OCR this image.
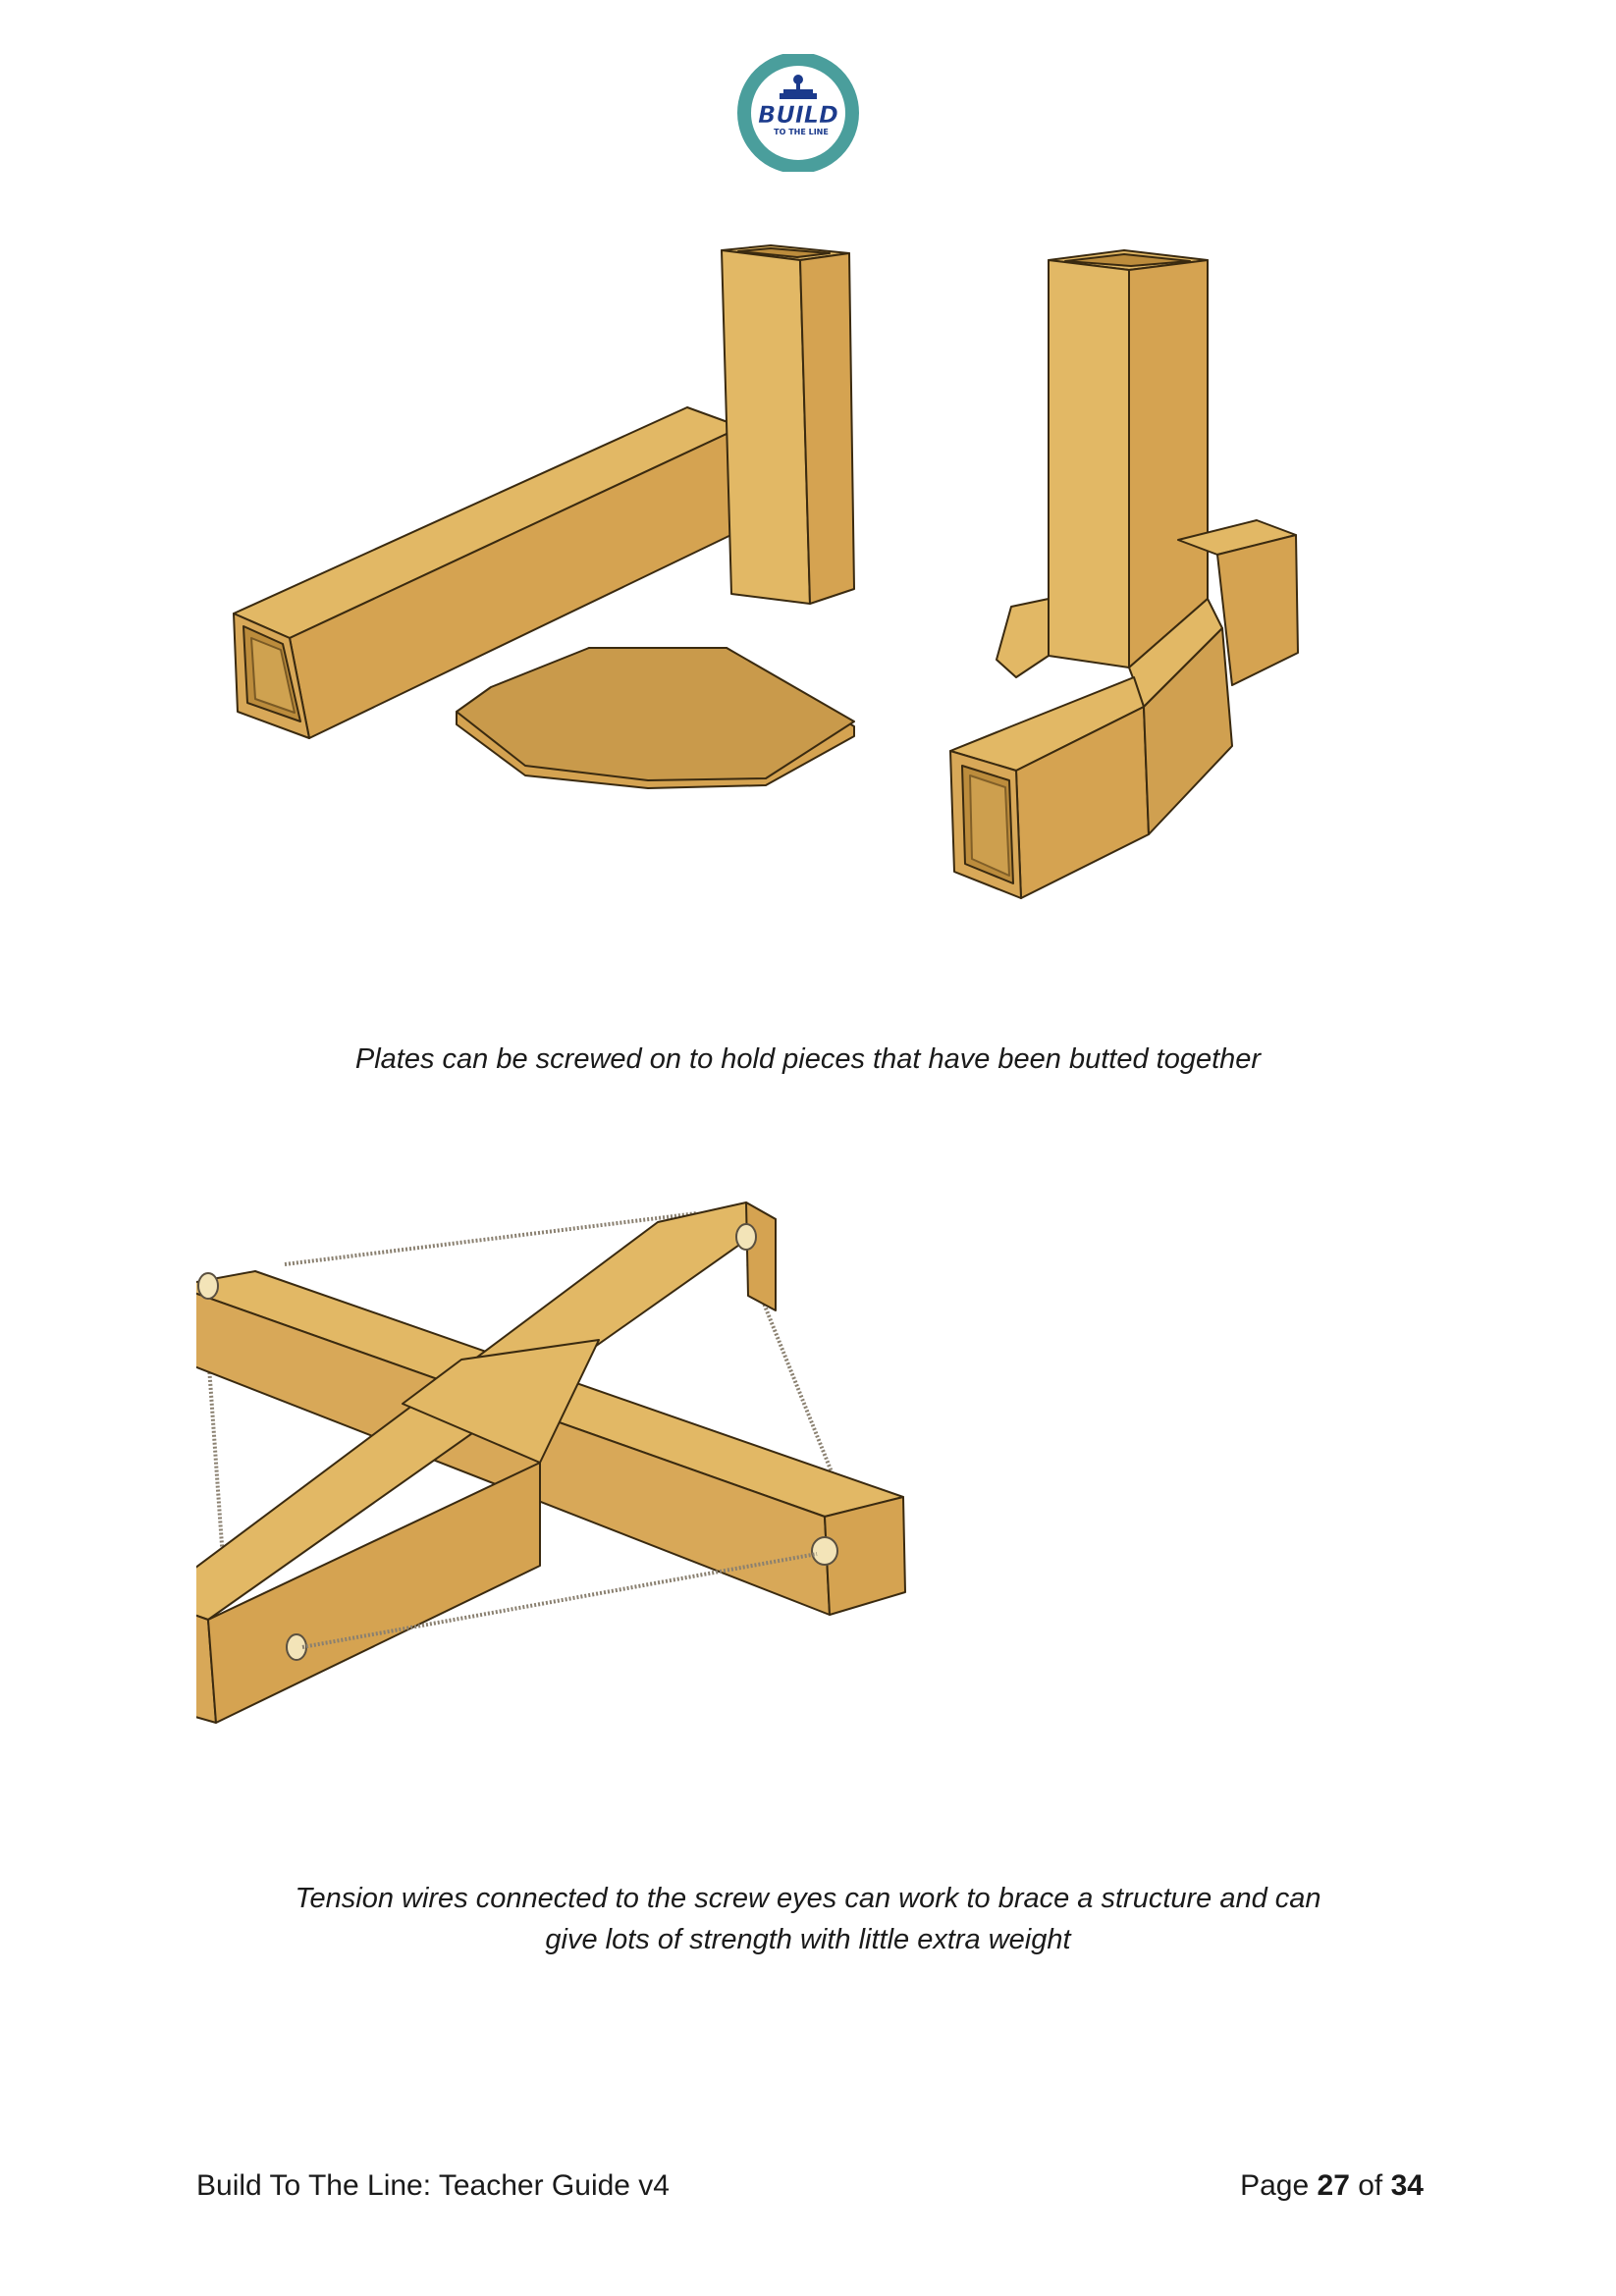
BUILD
TO THE LINE
Plates can be screwed on to hold pieces that have been butted together
Tension wires connected to the screw eyes can work to brace a structure and can
give lots of strength with little extra weight
Build To The Line: Teacher Guide v4	Page 27 of 34
